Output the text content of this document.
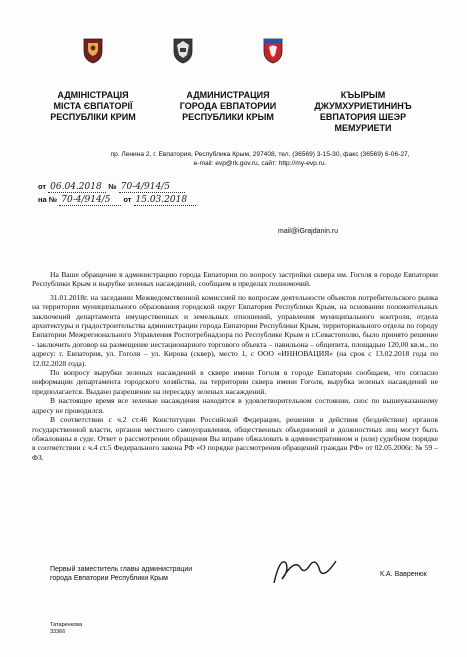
АДМІНІСТРАЦІЯ
МІСТА ЄВПАТОРІЇ
РЕСПУБЛІКИ КРИМ
АДМИНИСТРАЦИЯ
ГОРОДА ЕВПАТОРИИ
РЕСПУБЛИКИ КРЫМ
КЪЫРЫМ
ДЖУМХУРИЕТИНИНЪ
ЕВПАТОРИЯ ШЕЭР
МЕМУРИЕТИ
пр. Ленина 2, г. Евпатория, Республика Крым, 297408, тел. (36569) 3-15-30, факс (36569) 6-06-27,
e-mail: evp@rk.gov.ru, сайт: http://my-evp.ru.
от 06.04.2018 № 70-4/914/5
на № 70-4/914/5 от 15.03.2018
mail@iGrajdanin.ru

На Ваше обращение в администрацию города Евпатории по вопросу застройки сквера им. Гоголя в городе Евпатории Республики Крым и вырубке зеленых насаждений, сообщаем в пределах полномочий.

31.01.2018г. на заседании Межведомственной комиссией по вопросам деятельности объектов потребительского рынка на территории муниципального образования городской округ Евпатория Республики Крым, на основании положительных заключений департамента имущественных и земельных отношений, управления муниципального контроля, отдела архитектуры и градостроительства администрации города Евпатории Республики Крым, территориального отдела по городу Евпатории Межрегионального Управления Роспотребнадзора по Республике Крым и г.Севастополю, было принято решение - заключить договор на размещение нестационарного торгового объекта – павильона – общепита, площадью 120,00 кв.м., по адресу: г. Евпатория, ул. Гоголя – ул. Кирова (сквер), место 1, с ООО «ИННОВАЦИЯ» (на срок с 13.02.2018 года по 12.02.2028 года).

По вопросу вырубки зеленых насаждений в сквере имени Гоголя в городе Евпатории сообщаем, что согласно информации департамента городского хозяйства, на территории сквера имени Гоголя, вырубка зеленых насаждений не предполагается. Выдано разрешение на пересадку зеленых насаждений.

В настоящее время все зеленые насаждения находятся в удовлетворительном состоянии, снос по вышеуказанному адресу не проводился.

В соответствии с ч.2 ст.46 Конституции Российской Федерации, решения и действия (бездействие) органов государственной власти, органов местного самоуправления, общественных объединений и должностных лиц могут быть обжалованы в суде. Ответ о рассмотрении обращения Вы вправе обжаловать в административном и (или) судебном порядке в соответствии с ч.4 ст.5 Федерального закона РФ «О порядке рассмотрения обращений граждан РФ» от 02.05.2006г. № 59 – ФЗ.

Первый заместитель главы администрации
города Евпатории Республики Крым
К.А. Вавренюк
Татаренкова
33366
